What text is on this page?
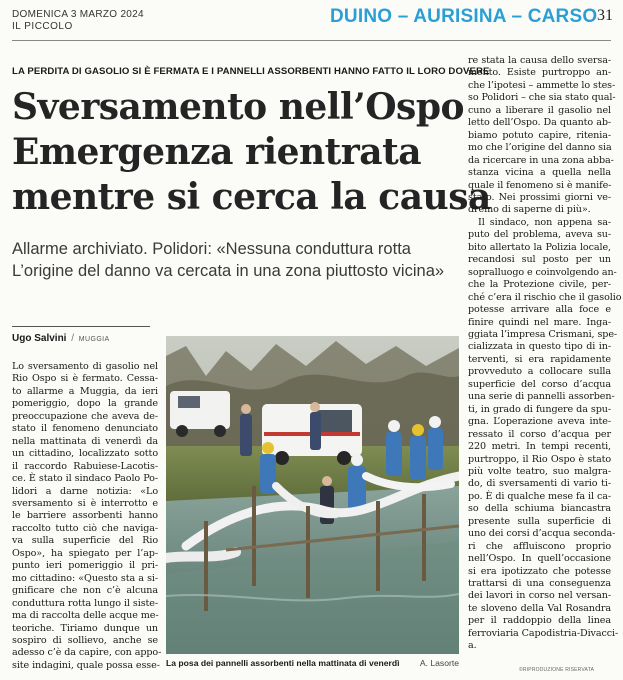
DOMENICA 3 MARZO 2024
IL PICCOLO	DUINO – AURISINA – CARSO 31
LA PERDITA DI GASOLIO SI È FERMATA E I PANNELLI ASSORBENTI HANNO FATTO IL LORO DOVERE
Sversamento nell’Ospo
Emergenza rientrata
mentre si cerca la causa
Allarme archiviato. Polidori: «Nessuna conduttura rotta
L’origine del danno va cercata in una zona piuttosto vicina»
Ugo Salvini / MUGGIA

Lo sversamento di gasolio nel

Rio Ospo si è fermato. Cessa-

to allarme a Muggia, da ieri

pomeriggio, dopo la grande

preoccupazione che aveva de-

stato il fenomeno denunciato

nella mattinata di venerdì da

un cittadino, localizzato sotto

il raccordo Rabuiese-Lacotis-

ce. È stato il sindaco Paolo Po-

lidori a darne notizia: «Lo

sversamento si è interrotto e

le barriere assorbenti hanno

raccolto tutto ciò che naviga-

va sulla superficie del Rio

Ospo», ha spiegato per l’ap-

punto ieri pomeriggio il pri-

mo cittadino: «Questo sta a si-

gnificare che non c’è alcuna

conduttura rotta lungo il siste-

ma di raccolta delle acque me-

teoriche. Tiriamo dunque un

sospiro di sollievo, anche se

adesso c’è da capire, con appo-

site indagini, quale possa esse- La posa dei pannelli assorbenti nella mattinata di venerdì A. Lasorte

re stata la causa dello sversa-

mento. Esiste purtroppo an-

che l’ipotesi – ammette lo stes-

so Polidori – che sia stato qual-

cuno a liberare il gasolio nel

letto dell’Ospo. Da quanto ab-

biamo potuto capire, ritenia-

mo che l’origine del danno sia

da ricercare in una zona abba-

stanza vicina a quella nella

quale il fenomeno si è manife-

stato. Nei prossimi giorni ve-

dremo di saperne di più».

Il sindaco, non appena sa-

puto del problema, aveva su-

bito allertato la Polizia locale,

recandosi sul posto per un

sopralluogo e coinvolgendo an-

che la Protezione civile, per-

ché c’era il rischio che il gasolio

potesse arrivare alla foce e

finire quindi nel mare. Inga-

ggiata l’impresa Crismani, spe-

cializzata in questo tipo di in-

terventi, si era rapidamente

provveduto a collocare sulla

superficie del corso d’acqua

una serie di pannelli assorben-

ti, in grado di fungere da spu-

gna. L’operazione aveva inte-

ressato il corso d’acqua per

220 metri. In tempi recenti,

purtroppo, il Rio Ospo è stato

più volte teatro, suo malgra-

do, di sversamenti di vario ti-

po. È di qualche mese fa il ca-

so della schiuma biancastra

presente sulla superficie di

uno dei corsi d’acqua seconda-

ri che affluiscono proprio

nell’Ospo. In quell’occasione

si era ipotizzato che potesse

trattarsi di una conseguenza

dei lavori in corso nel versan-

te sloveno della Val Rosandra

per il raddoppio della linea

ferroviaria Capodistria-Divacci-

a.

©RIPRODUZIONE RISERVATA
